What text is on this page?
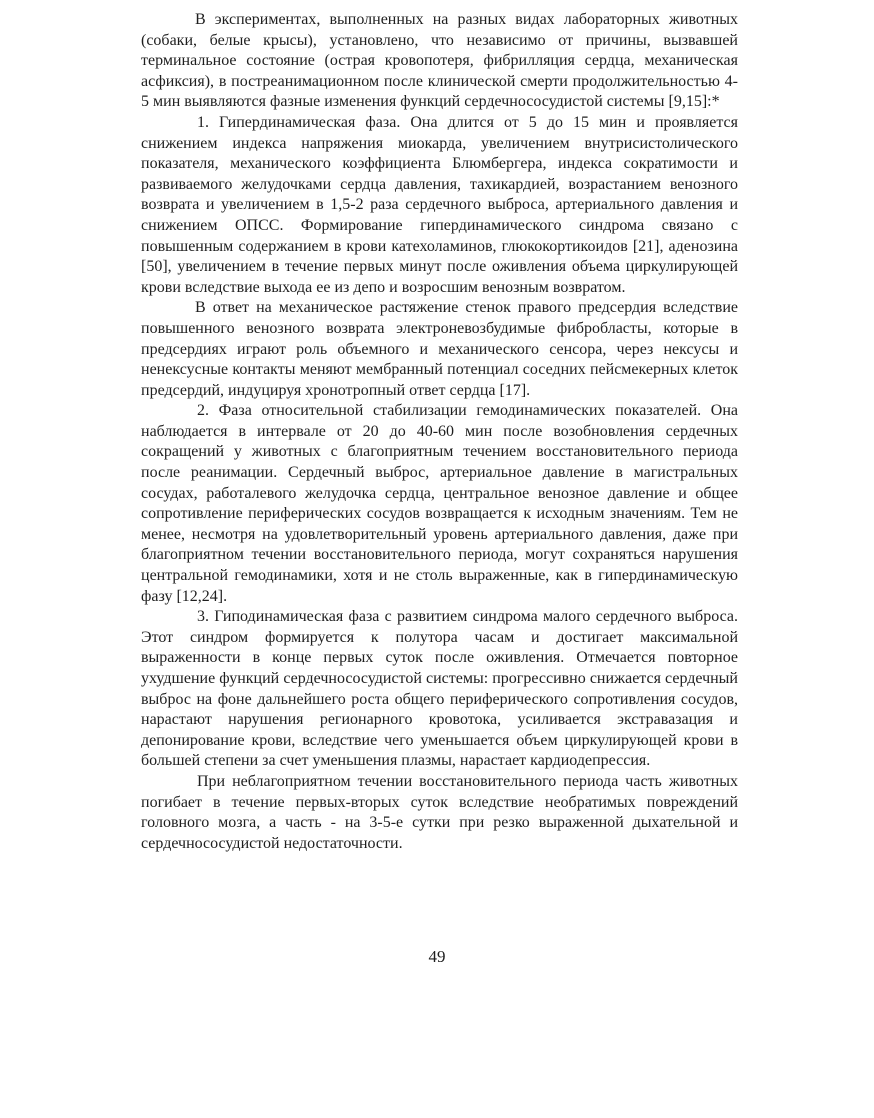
В экспериментах, выполненных на разных видах лабораторных животных (собаки, белые крысы), установлено, что независимо от причины, вызвавшей терминальное состояние (острая кровопотеря, фибрилляция сердца, механическая асфиксия), в постреанимационном после клинической смерти продолжительностью 4-5 мин выявляются фазные изменения функций сердечнососудистой системы [9,15]:*

1. Гипердинамическая фаза. Она длится от 5 до 15 мин и проявляется снижением индекса напряжения миокарда, увеличением внутрисистолического показателя, механического коэффициента Блюмбергера, индекса сократимости и развиваемого желудочками сердца давления, тахикардией, возрастанием венозного возврата и увеличением в 1,5-2 раза сердечного выброса, артериального давления и снижением ОПСС. Формирование гипердинамического синдрома связано с повышенным содержанием в крови катехоламинов, глюкокортикоидов [21], аденозина [50], увеличением в течение первых минут после оживления объема циркулирующей крови вследствие выхода ее из депо и возросшим венозным возвратом.

В ответ на механическое растяжение стенок правого предсердия вследствие повышенного венозного возврата электроневозбудимые фибробласты, которые в предсердиях играют роль объемного и механического сенсора, через нексусы и ненексусные контакты меняют мембранный потенциал соседних пейсмекерных клеток предсердий, индуцируя хронотропный ответ сердца [17].

2. Фаза относительной стабилизации гемодинамических показателей. Она наблюдается в интервале от 20 до 40-60 мин после возобновления сердечных сокращений у животных с благоприятным течением восстановительного периода после реанимации. Сердечный выброс, артериальное давление в магистральных сосудах, работалевого желудочка сердца, центральное венозное давление и общее сопротивление периферических сосудов возвращается к исходным значениям. Тем не менее, несмотря на удовлетворительный уровень артериального давления, даже при благоприятном течении восстановительного периода, могут сохраняться нарушения центральной гемодинамики, хотя и не столь выраженные, как в гипердинамическую фазу [12,24].

3. Гиподинамическая фаза с развитием синдрома малого сердечного выброса. Этот синдром формируется к полутора часам и достигает максимальной выраженности в конце первых суток после оживления. Отмечается повторное ухудшение функций сердечнососудистой системы: прогрессивно снижается сердечный выброс на фоне дальнейшего роста общего периферического сопротивления сосудов, нарастают нарушения регионарного кровотока, усиливается экстравазация и депонирование крови, вследствие чего уменьшается объем циркулирующей крови в большей степени за счет уменьшения плазмы, нарастает кардиодепрессия.

При неблагоприятном течении восстановительного периода часть животных погибает в течение первых-вторых суток вследствие необратимых повреждений головного мозга, а часть - на 3-5-е сутки при резко выраженной дыхательной и сердечнососудистой недостаточности.

49
